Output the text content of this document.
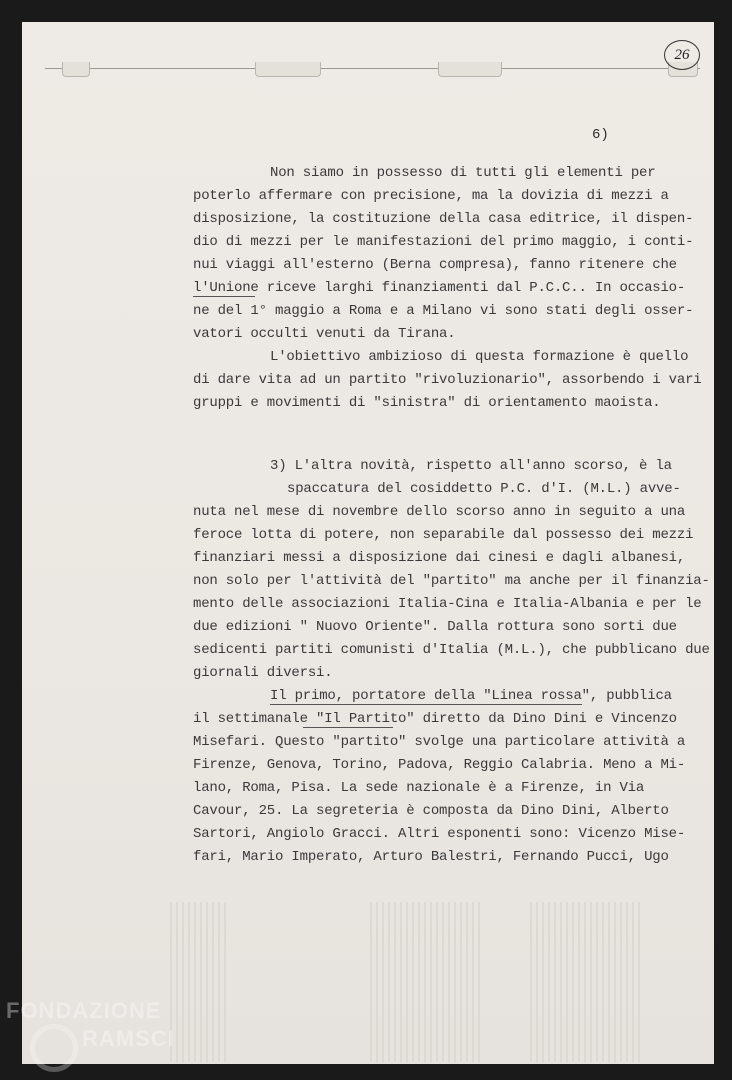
26
6)
Non siamo in possesso di tutti gli elementi per
poterlo affermare con precisione, ma la dovizia di mezzi a
disposizione, la costituzione della casa editrice, il dispen-
dio di mezzi per le manifestazioni del primo maggio, i conti-
nui viaggi all'esterno (Berna compresa), fanno ritenere che
l'Unione riceve larghi finanziamenti dal P.C.C.. In occasio-
ne del 1° maggio a Roma e a Milano vi sono stati degli osser-
vatori occulti venuti da Tirana.
L'obiettivo ambizioso di questa formazione è quello
di dare vita ad un partito "rivoluzionario", assorbendo i vari
gruppi e movimenti di "sinistra" di orientamento maoista.
3) L'altra novità, rispetto all'anno scorso, è la
spaccatura del cosiddetto P.C. d'I. (M.L.) avve-
nuta nel mese di novembre dello scorso anno in seguito a una
feroce lotta di potere, non separabile dal possesso dei mezzi
finanziari messi a disposizione dai cinesi e dagli albanesi,
non solo per l'attività del "partito" ma anche per il finanzia-
mento delle associazioni Italia-Cina e Italia-Albania e per le
due edizioni " Nuovo Oriente". Dalla rottura sono sorti due
sedicenti partiti comunisti d'Italia (M.L.), che pubblicano due
giornali diversi.
Il primo, portatore della "Linea rossa", pubblica
il settimanale "Il Partito" diretto da Dino Dini e Vincenzo
Misefari. Questo "partito" svolge una particolare attività a
Firenze, Genova, Torino, Padova, Reggio Calabria. Meno a Mi-
lano, Roma, Pisa. La sede nazionale è a Firenze, in Via
Cavour, 25. La segreteria è composta da Dino Dini, Alberto
Sartori, Angiolo Gracci. Altri esponenti sono: Vicenzo Mise-
fari, Mario Imperato, Arturo Balestri, Fernando Pucci, Ugo
FONDAZIONE
RAMSCI
